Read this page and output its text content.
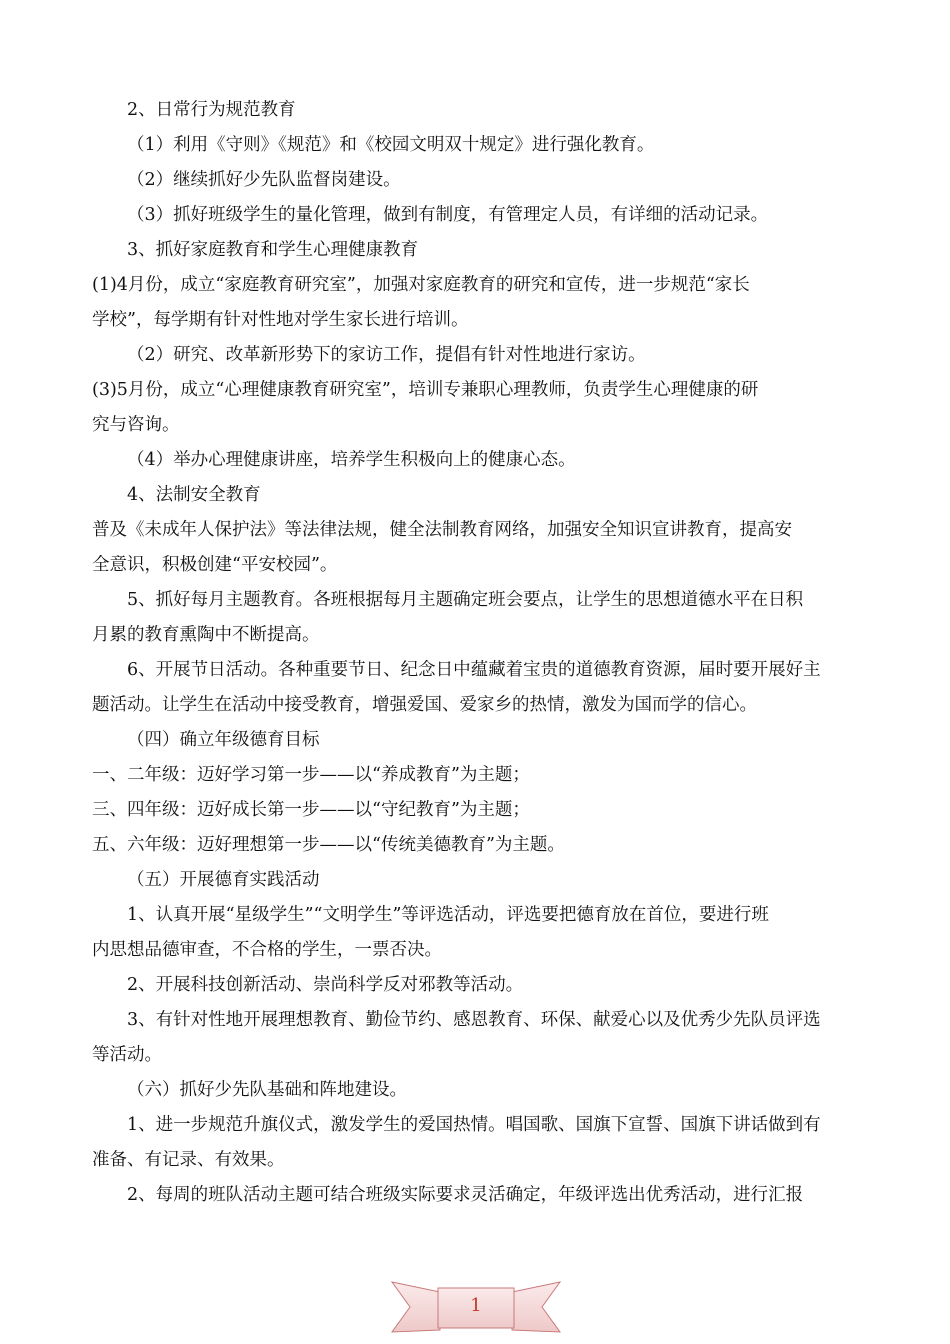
2、日常行为规范教育
（1）利用《守则》《规范》和《校园文明双十规定》进行强化教育。
（2）继续抓好少先队监督岗建设。
（3）抓好班级学生的量化管理，做到有制度，有管理定人员，有详细的活动记录。
3、抓好家庭教育和学生心理健康教育
(1)4月份，成立“家庭教育研究室”，加强对家庭教育的研究和宣传，进一步规范“家长
学校”，每学期有针对性地对学生家长进行培训。
（2）研究、改革新形势下的家访工作，提倡有针对性地进行家访。
(3)5月份，成立“心理健康教育研究室”，培训专兼职心理教师，负责学生心理健康的研
究与咨询。
（4）举办心理健康讲座，培养学生积极向上的健康心态。
4、法制安全教育
普及《未成年人保护法》等法律法规，健全法制教育网络，加强安全知识宣讲教育，提高安
全意识，积极创建“平安校园”。
5、抓好每月主题教育。各班根据每月主题确定班会要点，让学生的思想道德水平在日积
月累的教育熏陶中不断提高。
6、开展节日活动。各种重要节日、纪念日中蕴藏着宝贵的道德教育资源，届时要开展好主
题活动。让学生在活动中接受教育，增强爱国、爱家乡的热情，激发为国而学的信心。
（四）确立年级德育目标
一、二年级：迈好学习第一步——以“养成教育”为主题；
三、四年级：迈好成长第一步——以“守纪教育”为主题；
五、六年级：迈好理想第一步——以“传统美德教育”为主题。
（五）开展德育实践活动
1、认真开展“星级学生”“文明学生”等评选活动，评选要把德育放在首位，要进行班
内思想品德审查，不合格的学生，一票否决。
2、开展科技创新活动、崇尚科学反对邪教等活动。
3、有针对性地开展理想教育、勤俭节约、感恩教育、环保、献爱心以及优秀少先队员评选
等活动。
（六）抓好少先队基础和阵地建设。
1、进一步规范升旗仪式，激发学生的爱国热情。唱国歌、国旗下宣誓、国旗下讲话做到有
准备、有记录、有效果。
2、每周的班队活动主题可结合班级实际要求灵活确定，年级评选出优秀活动，进行汇报
1
